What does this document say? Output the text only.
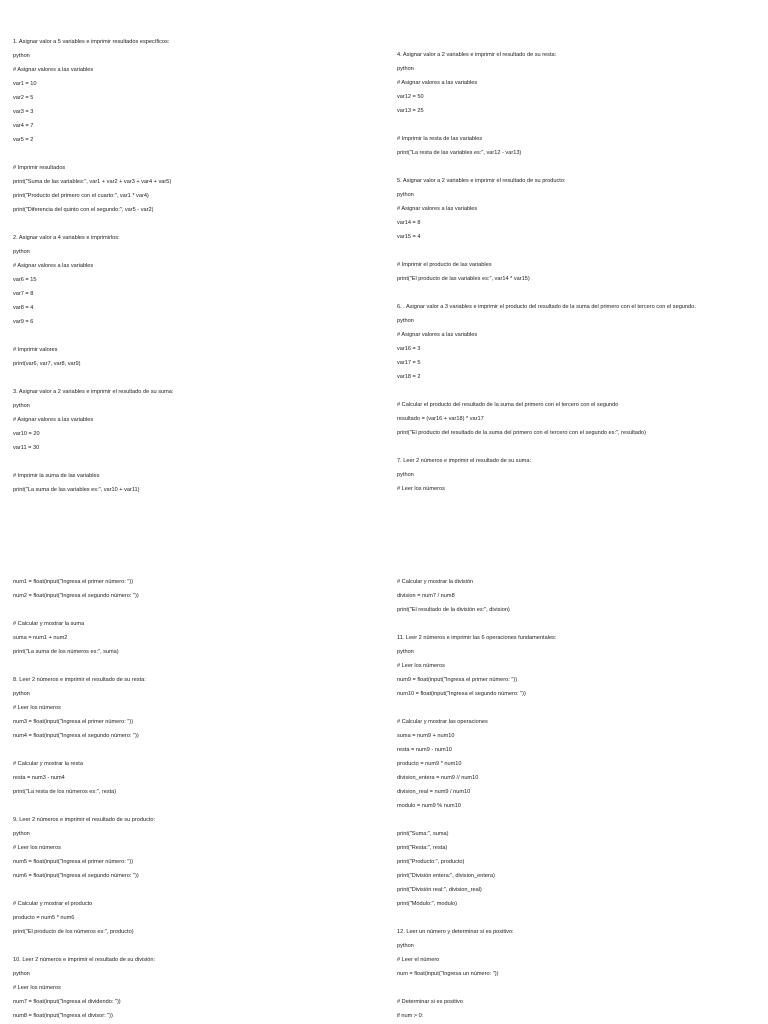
1. Asignar valor a 5 variables e imprimir resultados específicos:

python

# Asignar valores a las variables

var1 = 10

var2 = 5

var3 = 3

var4 = 7

var5 = 2

# Imprimir resultados

print("Suma de las variables:", var1 + var2 + var3 + var4 + var5)

print("Producto del primero con el cuarto:", var1 * var4)

print("Diferencia del quinto con el segundo:", var5 - var2)

2. Asignar valor a 4 variables e imprimirlos:

python

# Asignar valores a las variables

var6 = 15

var7 = 8

var8 = 4

var9 = 6

# Imprimir valores

print(var6, var7, var8, var9)

3. Asignar valor a 2 variables e imprimir el resultado de su suma:

python

# Asignar valores a las variables

var10 = 20

var11 = 30

# Imprimir la suma de las variables

print("La suma de las variables es:", var10 + var11)

4. Asignar valor a 2 variables e imprimir el resultado de su resta:

python

# Asignar valores a las variables

var12 = 50

var13 = 25

# Imprimir la resta de las variables

print("La resta de las variables es:", var12 - var13)

5. Asignar valor a 2 variables e imprimir el resultado de su producto:

python

# Asignar valores a las variables

var14 = 8

var15 = 4

# Imprimir el producto de las variables

print("El producto de las variables es:", var14 * var15)

6. . Asignar valor a 3 variables e imprimir el producto del resultado de la suma del primero con el tercero con el segundo.

python

# Asignar valores a las variables

var16 = 3

var17 = 5

var18 = 2

# Calcular el producto del resultado de la suma del primero con el tercero con el segundo

resultado = (var16 + var18) * var17

print("El producto del resultado de la suma del primero con el tercero con el segundo es:", resultado)

7. Leer 2 números e imprimir el resultado de su suma:

python

# Leer los números

num1 = float(input("Ingresa el primer número: "))

num2 = float(input("Ingresa el segundo número: "))

# Calcular y mostrar la suma

suma = num1 + num2

print("La suma de los números es:", suma)

8. Leer 2 números e imprimir el resultado de su resta:

python

# Leer los números

num3 = float(input("Ingresa el primer número: "))

num4 = float(input("Ingresa el segundo número: "))

# Calcular y mostrar la resta

resta = num3 - num4

print("La resta de los números es:", resta)

9. Leer 2 números e imprimir el resultado de su producto:

python

# Leer los números

num5 = float(input("Ingresa el primer número: "))

num6 = float(input("Ingresa el segundo número: "))

# Calcular y mostrar el producto

producto = num5 * num6

print("El producto de los números es:", producto)

10. Leer 2 números e imprimir el resultado de su división:

python

# Leer los números

num7 = float(input("Ingresa el dividendo: "))

num8 = float(input("Ingresa el divisor: "))

# Calcular y mostrar la división

division = num7 / num8

print("El resultado de la división es:", division)

11. Leer 2 números e imprimir las 6 operaciones fundamentales:

python

# Leer los números

num9 = float(input("Ingresa el primer número: "))

num10 = float(input("Ingresa el segundo número: "))

# Calcular y mostrar las operaciones

suma = num9 + num10

resta = num9 - num10

producto = num9 * num10

division_entera = num9 // num10

division_real = num9 / num10

modulo = num9 % num10

print("Suma:", suma)

print("Resta:", resta)

print("Producto:", producto)

print("División entera:", division_entera)

print("División real:", division_real)

print("Módulo:", modulo)

12. Leer un número y determinar si es positivo:

python

# Leer el número

num = float(input("Ingresa un número: "))

# Determinar si es positivo

if num > 0:
